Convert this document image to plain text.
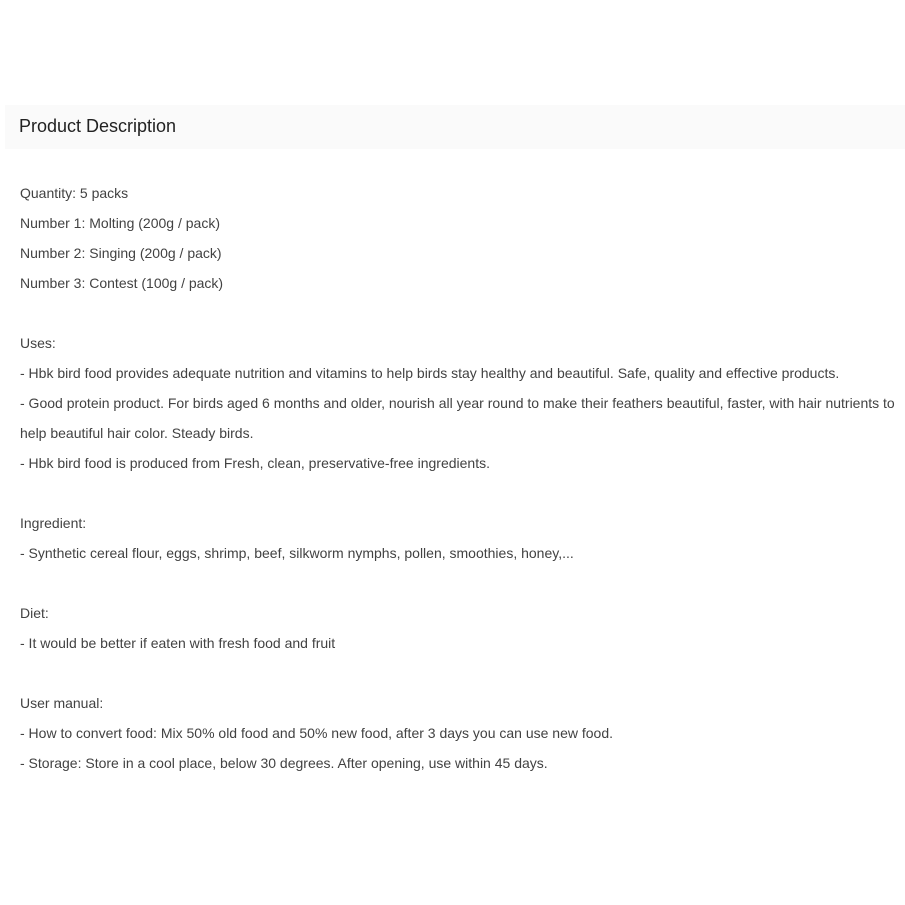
Product Description
Quantity: 5 packs
Number 1: Molting (200g / pack)
Number 2: Singing (200g / pack)
Number 3: Contest (100g / pack)
Uses:
- Hbk bird food provides adequate nutrition and vitamins to help birds stay healthy and beautiful. Safe, quality and effective products.
- Good protein product. For birds aged 6 months and older, nourish all year round to make their feathers beautiful, faster, with hair nutrients to help beautiful hair color. Steady birds.
- Hbk bird food is produced from Fresh, clean, preservative-free ingredients.
Ingredient:
- Synthetic cereal flour, eggs, shrimp, beef, silkworm nymphs, pollen, smoothies, honey,...
Diet:
- It would be better if eaten with fresh food and fruit
User manual:
- How to convert food: Mix 50% old food and 50% new food, after 3 days you can use new food.
- Storage: Store in a cool place, below 30 degrees. After opening, use within 45 days.
